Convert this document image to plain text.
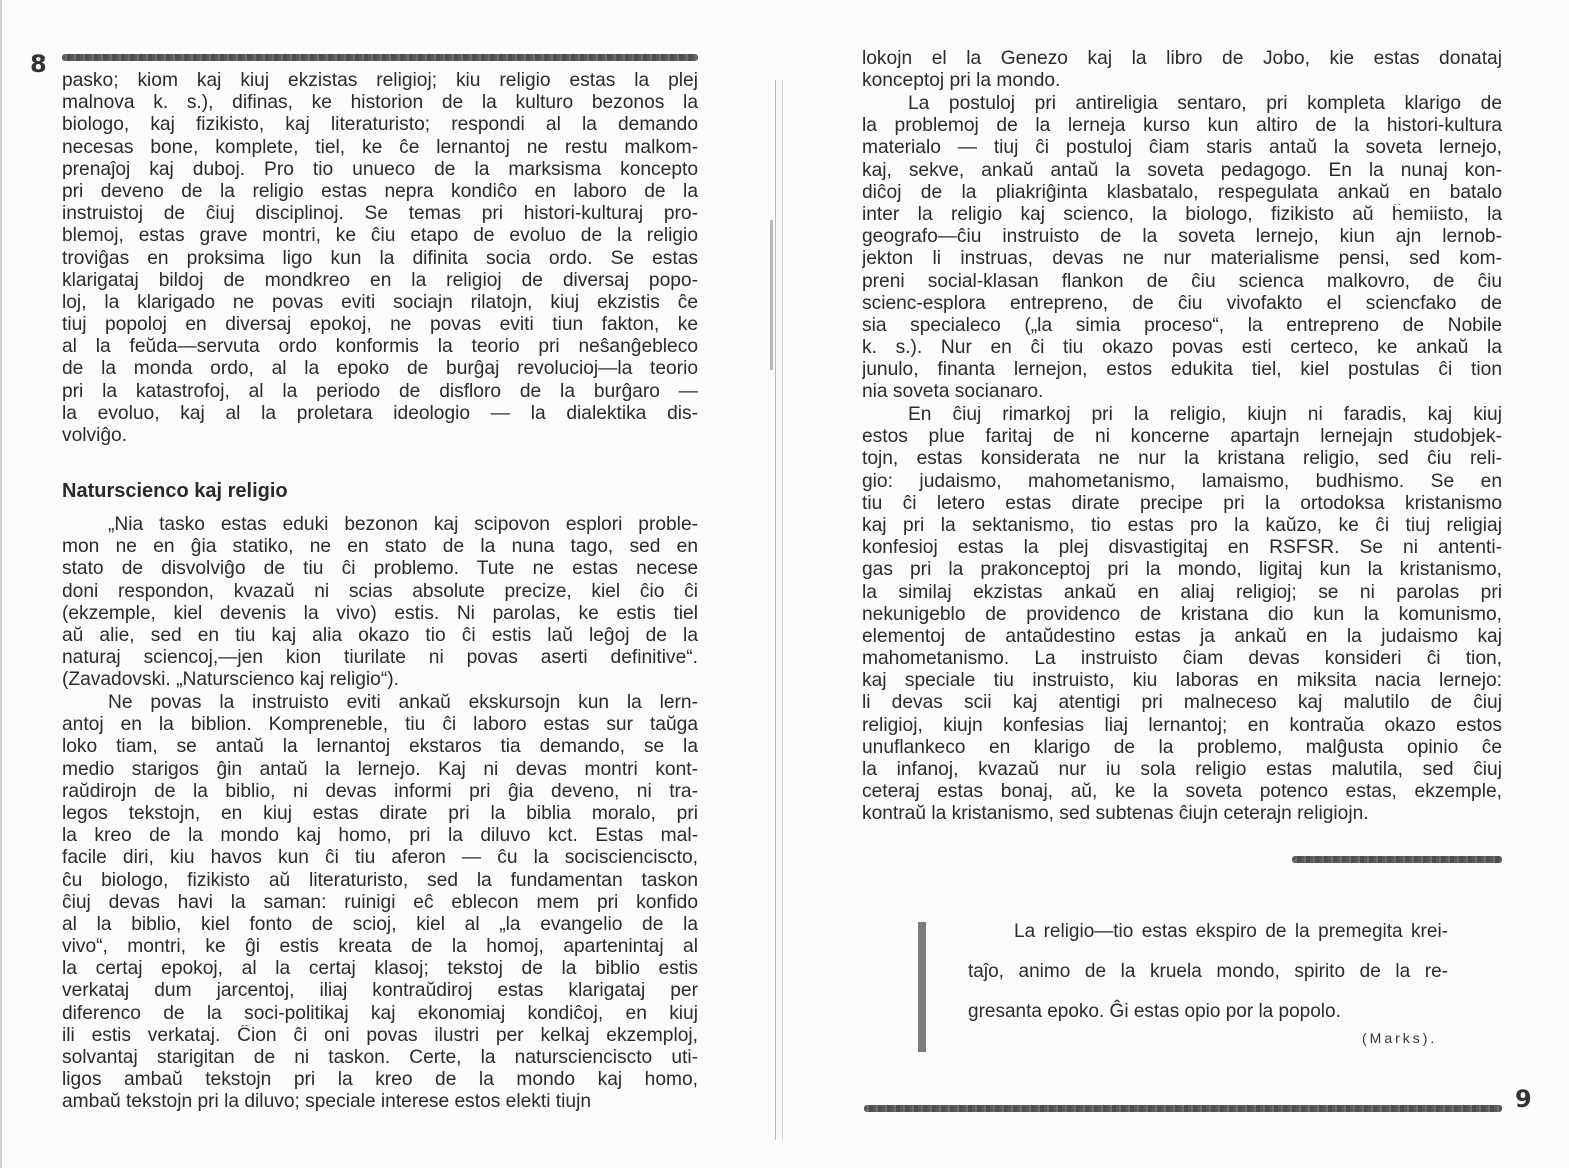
8
pasko; kiom kaj kiuj ekzistas religioj; kiu religio estas la plej
malnova k. s.), difinas, ke historion de la kulturo bezonos la
biologo, kaj fizikisto, kaj literaturisto; respondi al la demando
necesas bone, komplete, tiel, ke ĉe lernantoj ne restu malkom-
prenaĵoj kaj duboj. Pro tio unueco de la marksisma koncepto
pri deveno de la religio estas nepra kondiĉo en laboro de la
instruistoj de ĉiuj disciplinoj. Se temas pri histori-kulturaj pro-
blemoj, estas grave montri, ke ĉiu etapo de evoluo de la religio
troviĝas en proksima ligo kun la difinita socia ordo. Se estas
klarigataj bildoj de mondkreo en la religioj de diversaj popo-
loj, la klarigado ne povas eviti sociajn rilatojn, kiuj ekzistis ĉe
tiuj popoloj en diversaj epokoj, ne povas eviti tiun fakton, ke
al la feŭda—servuta ordo konformis la teorio pri neŝanĝebleco
de la monda ordo, al la epoko de burĝaj revolucioj—la teorio
pri la katastrofoj, al la periodo de disfloro de la burĝaro —
la evoluo, kaj al la proletara ideologio — la dialektika dis-
volviĝo.
Naturscienco kaj religio
„Nia tasko estas eduki bezonon kaj scipovon esplori proble-
mon ne en ĝia statiko, ne en stato de la nuna tago, sed en
stato de disvolviĝo de tiu ĉi problemo. Tute ne estas necese
doni respondon, kvazaŭ ni scias absolute precize, kiel ĉio ĉi
(ekzemple, kiel devenis la vivo) estis. Ni parolas, ke estis tiel
aŭ alie, sed en tiu kaj alia okazo tio ĉi estis laŭ leĝoj de la
naturaj sciencoj,—jen kion tiurilate ni povas aserti definitive“.
(Zavadovski. „Naturscienco kaj religio“).
Ne povas la instruisto eviti ankaŭ ekskursojn kun la lern-
antoj en la biblion. Kompreneble, tiu ĉi laboro estas sur taŭga
loko tiam, se antaŭ la lernantoj ekstaros tia demando, se la
medio starigos ĝin antaŭ la lernejo. Kaj ni devas montri kont-
raŭdirojn de la biblio, ni devas informi pri ĝia deveno, ni tra-
legos tekstojn, en kiuj estas dirate pri la biblia moralo, pri
la kreo de la mondo kaj homo, pri la diluvo kct. Estas mal-
facile diri, kiu havos kun ĉi tiu aferon — ĉu la sociscienciscto,
ĉu biologo, fizikisto aŭ literaturisto, sed la fundamentan taskon
ĉiuj devas havi la saman: ruinigi eĉ eblecon mem pri konfido
al la biblio, kiel fonto de scioj, kiel al „la evangelio de la
vivo“, montri, ke ĝi estis kreata de la homoj, apartenintaj al
la certaj epokoj, al la certaj klasoj; tekstoj de la biblio estis
verkataj dum jarcentoj, iliaj kontraŭdiroj estas klarigataj per
diferenco de la soci-politikaj kaj ekonomiaj kondiĉoj, en kiuj
ili estis verkataj. Ĉion ĉi oni povas ilustri per kelkaj ekzemploj,
solvantaj starigitan de ni taskon. Certe, la naturscienciscto uti-
ligos ambaŭ tekstojn pri la kreo de la mondo kaj homo,
ambaŭ tekstojn pri la diluvo; speciale interese estos elekti tiujn
lokojn el la Genezo kaj la libro de Jobo, kie estas donataj
konceptoj pri la mondo.
La postuloj pri antireligia sentaro, pri kompleta klarigo de
la problemoj de la lerneja kurso kun altiro de la histori-kultura
materialo — tiuj ĉi postuloj ĉiam staris antaŭ la soveta lernejo,
kaj, sekve, ankaŭ antaŭ la soveta pedagogo. En la nunaj kon-
diĉoj de la pliakriĝinta klasbatalo, respegulata ankaŭ en batalo
inter la religio kaj scienco, la biologo, fizikisto aŭ ĥemiisto, la
geografo—ĉiu instruisto de la soveta lernejo, kiun ajn lernob-
jekton li instruas, devas ne nur materialisme pensi, sed kom-
preni social-klasan flankon de ĉiu scienca malkovro, de ĉiu
scienc-esplora entrepreno, de ĉiu vivofakto el sciencfako de
sia specialeco („la simia proceso“, la entrepreno de Nobile
k. s.). Nur en ĉi tiu okazo povas esti certeco, ke ankaŭ la
junulo, finanta lernejon, estos edukita tiel, kiel postulas ĉi tion
nia soveta socianaro.
En ĉiuj rimarkoj pri la religio, kiujn ni faradis, kaj kiuj
estos plue faritaj de ni koncerne apartajn lernejajn studobjek-
tojn, estas konsiderata ne nur la kristana religio, sed ĉiu reli-
gio: judaismo, mahometanismo, lamaismo, budhismo. Se en
tiu ĉi letero estas dirate precipe pri la ortodoksa kristanismo
kaj pri la sektanismo, tio estas pro la kaŭzo, ke ĉi tiuj religiaj
konfesioj estas la plej disvastigitaj en RSFSR. Se ni antenti-
gas pri la prakonceptoj pri la mondo, ligitaj kun la kristanismo,
la similaj ekzistas ankaŭ en aliaj religioj; se ni parolas pri
nekunigeblo de providenco de kristana dio kun la komunismo,
elementoj de antaŭdestino estas ja ankaŭ en la judaismo kaj
mahometanismo. La instruisto ĉiam devas konsideri ĉi tion,
kaj speciale tiu instruisto, kiu laboras en miksita nacia lernejo:
li devas scii kaj atentigi pri malneceso kaj malutilo de ĉiuj
religioj, kiujn konfesias liaj lernantoj; en kontraŭa okazo estos
unuflankeco en klarigo de la problemo, malĝusta opinio ĉe
la infanoj, kvazaŭ nur iu sola religio estas malutila, sed ĉiuj
ceteraj estas bonaj, aŭ, ke la soveta potenco estas, ekzemple,
kontraŭ la kristanismo, sed subtenas ĉiujn ceterajn religiojn.
La religio—tio estas ekspiro de la premegita krei-
taĵo, animo de la kruela mondo, spirito de la re-
gresanta epoko. Ĝi estas opio por la popolo.
(Marks).
9
